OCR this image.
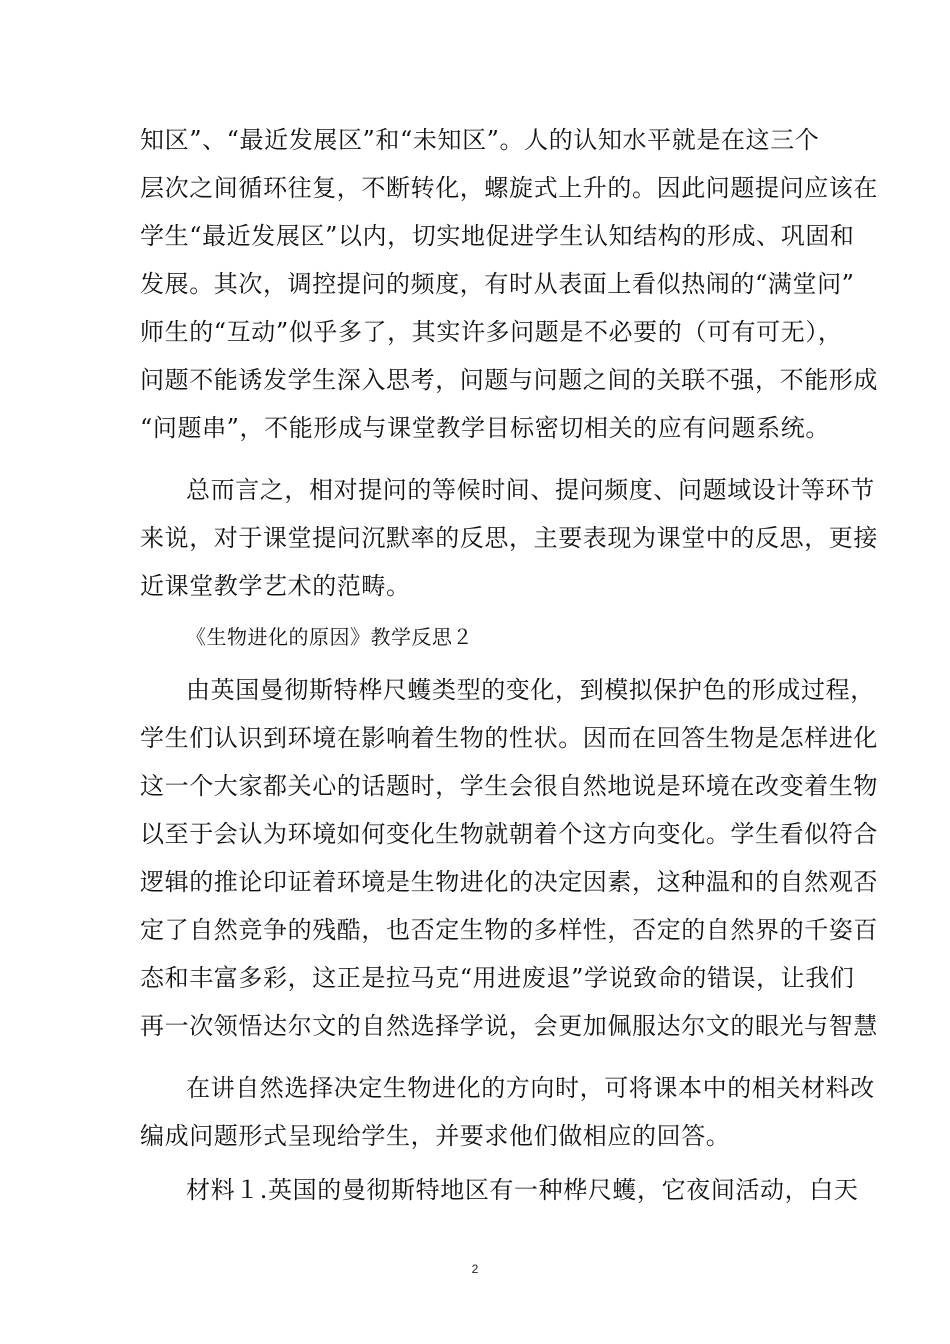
知区”、“最近发展区”和“未知区”。人的认知水平就是在这三个
层次之间循环往复，不断转化，螺旋式上升的。因此问题提问应该在
学生“最近发展区”以内，切实地促进学生认知结构的形成、巩固和
发展。其次，调控提问的频度，有时从表面上看似热闹的“满堂问”
师生的“互动”似乎多了，其实许多问题是不必要的（可有可无），
问题不能诱发学生深入思考，问题与问题之间的关联不强，不能形成
“问题串”，不能形成与课堂教学目标密切相关的应有问题系统。
总而言之，相对提问的等候时间、提问频度、问题域设计等环节
来说，对于课堂提问沉默率的反思，主要表现为课堂中的反思，更接
近课堂教学艺术的范畴。
《生物进化的原因》教学反思２
由英国曼彻斯特桦尺蠖类型的变化，到模拟保护色的形成过程，
学生们认识到环境在影响着生物的性状。因而在回答生物是怎样进化
这一个大家都关心的话题时，学生会很自然地说是环境在改变着生物
以至于会认为环境如何变化生物就朝着个这方向变化。学生看似符合
逻辑的推论印证着环境是生物进化的决定因素，这种温和的自然观否
定了自然竞争的残酷，也否定生物的多样性，否定的自然界的千姿百
态和丰富多彩，这正是拉马克“用进废退”学说致命的错误，让我们
再一次领悟达尔文的自然选择学说，会更加佩服达尔文的眼光与智慧
在讲自然选择决定生物进化的方向时，可将课本中的相关材料改
编成问题形式呈现给学生，并要求他们做相应的回答。
材料１.英国的曼彻斯特地区有一种桦尺蠖，它夜间活动，白天
2
